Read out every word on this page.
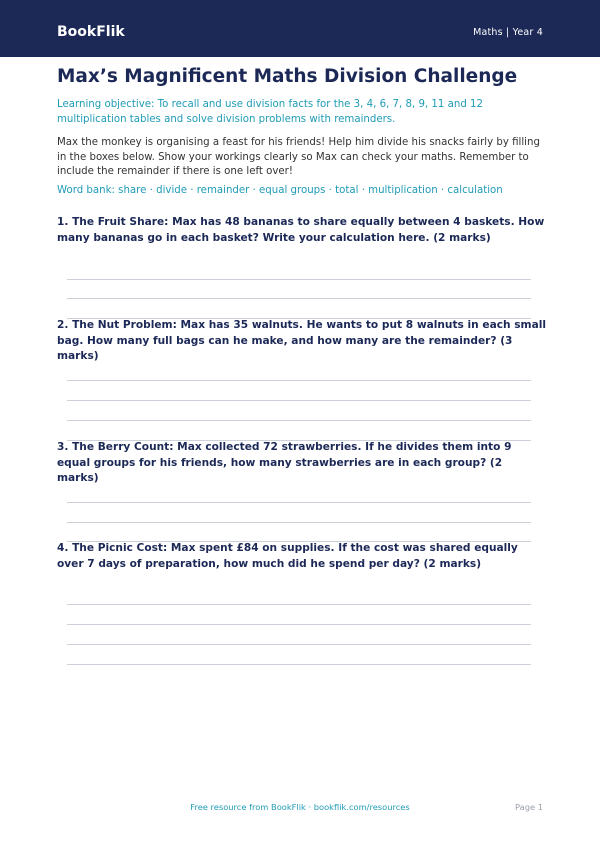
BookFlik	Maths | Year 4
Max’s Magnificent Maths Division Challenge
Learning objective: To recall and use division facts for the 3, 4, 6, 7, 8, 9, 11 and 12 multiplication tables and solve division problems with remainders.
Max the monkey is organising a feast for his friends! Help him divide his snacks fairly by filling in the boxes below. Show your workings clearly so Max can check your maths. Remember to include the remainder if there is one left over!
Word bank: share · divide · remainder · equal groups · total · multiplication · calculation
1. The Fruit Share: Max has 48 bananas to share equally between 4 baskets. How many bananas go in each basket? Write your calculation here. (2 marks)
2. The Nut Problem: Max has 35 walnuts. He wants to put 8 walnuts in each small bag. How many full bags can he make, and how many are the remainder? (3 marks)
3. The Berry Count: Max collected 72 strawberries. If he divides them into 9 equal groups for his friends, how many strawberries are in each group? (2 marks)
4. The Picnic Cost: Max spent £84 on supplies. If the cost was shared equally over 7 days of preparation, how much did he spend per day? (2 marks)
Free resource from BookFlik · bookflik.com/resources	Page 1
